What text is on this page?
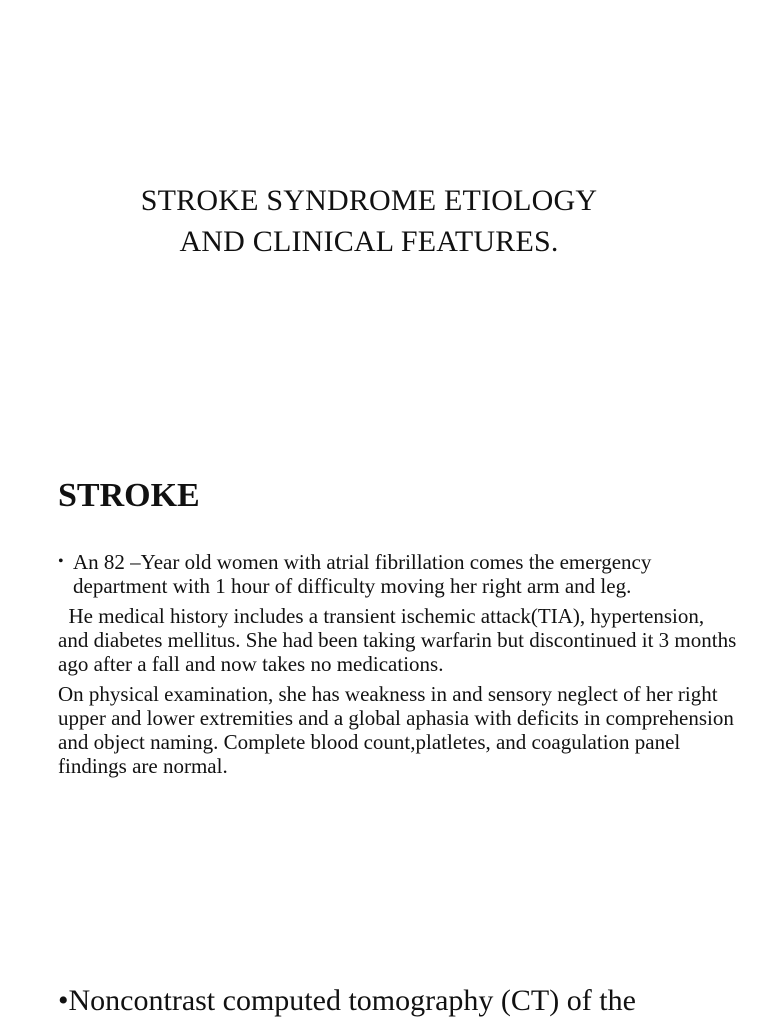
STROKE SYNDROME ETIOLOGY
AND CLINICAL FEATURES.
STROKE

• An 82 –Year old women with atrial fibrillation comes the emergency department with 1 hour of difficulty moving her right arm and leg.

He medical history includes a transient ischemic attack(TIA), hypertension, and diabetes mellitus. She had been taking warfarin but discontinued it 3 months ago after a fall and now takes no medications.

On physical examination, she has weakness in and sensory neglect of her right upper and lower extremities and a global aphasia with deficits in comprehension and object naming. Complete blood count,platletes, and coagulation panel findings are normal.

•Noncontrast computed tomography (CT) of the
